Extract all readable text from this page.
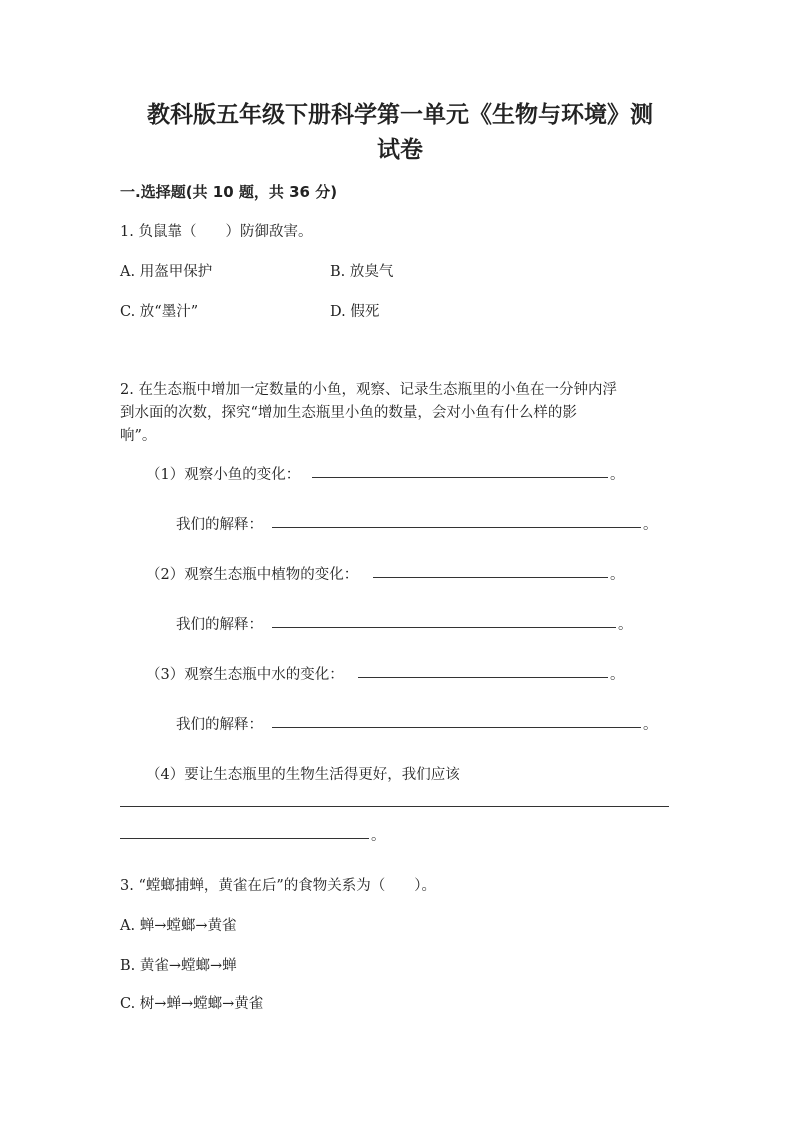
教科版五年级下册科学第一单元《生物与环境》测
试卷
一.选择题(共 10 题，共 36 分)
1. 负鼠靠（　　）防御敌害。
A. 用盔甲保护	B. 放臭气
C. 放“墨汁”	D. 假死
2. 在生态瓶中增加一定数量的小鱼，观察、记录生态瓶里的小鱼在一分钟内浮
到水面的次数，探究“增加生态瓶里小鱼的数量，会对小鱼有什么样的影
响”。
（1）观察小鱼的变化：	。
我们的解释：	。
（2）观察生态瓶中植物的变化：	。
我们的解释：	。
（3）观察生态瓶中水的变化：	。
我们的解释：	。
（4）要让生态瓶里的生物生活得更好，我们应该
。
3. “螳螂捕蝉，黄雀在后”的食物关系为（　　）。
A. 蝉→螳螂→黄雀
B. 黄雀→螳螂→蝉
C. 树→蝉→螳螂→黄雀
